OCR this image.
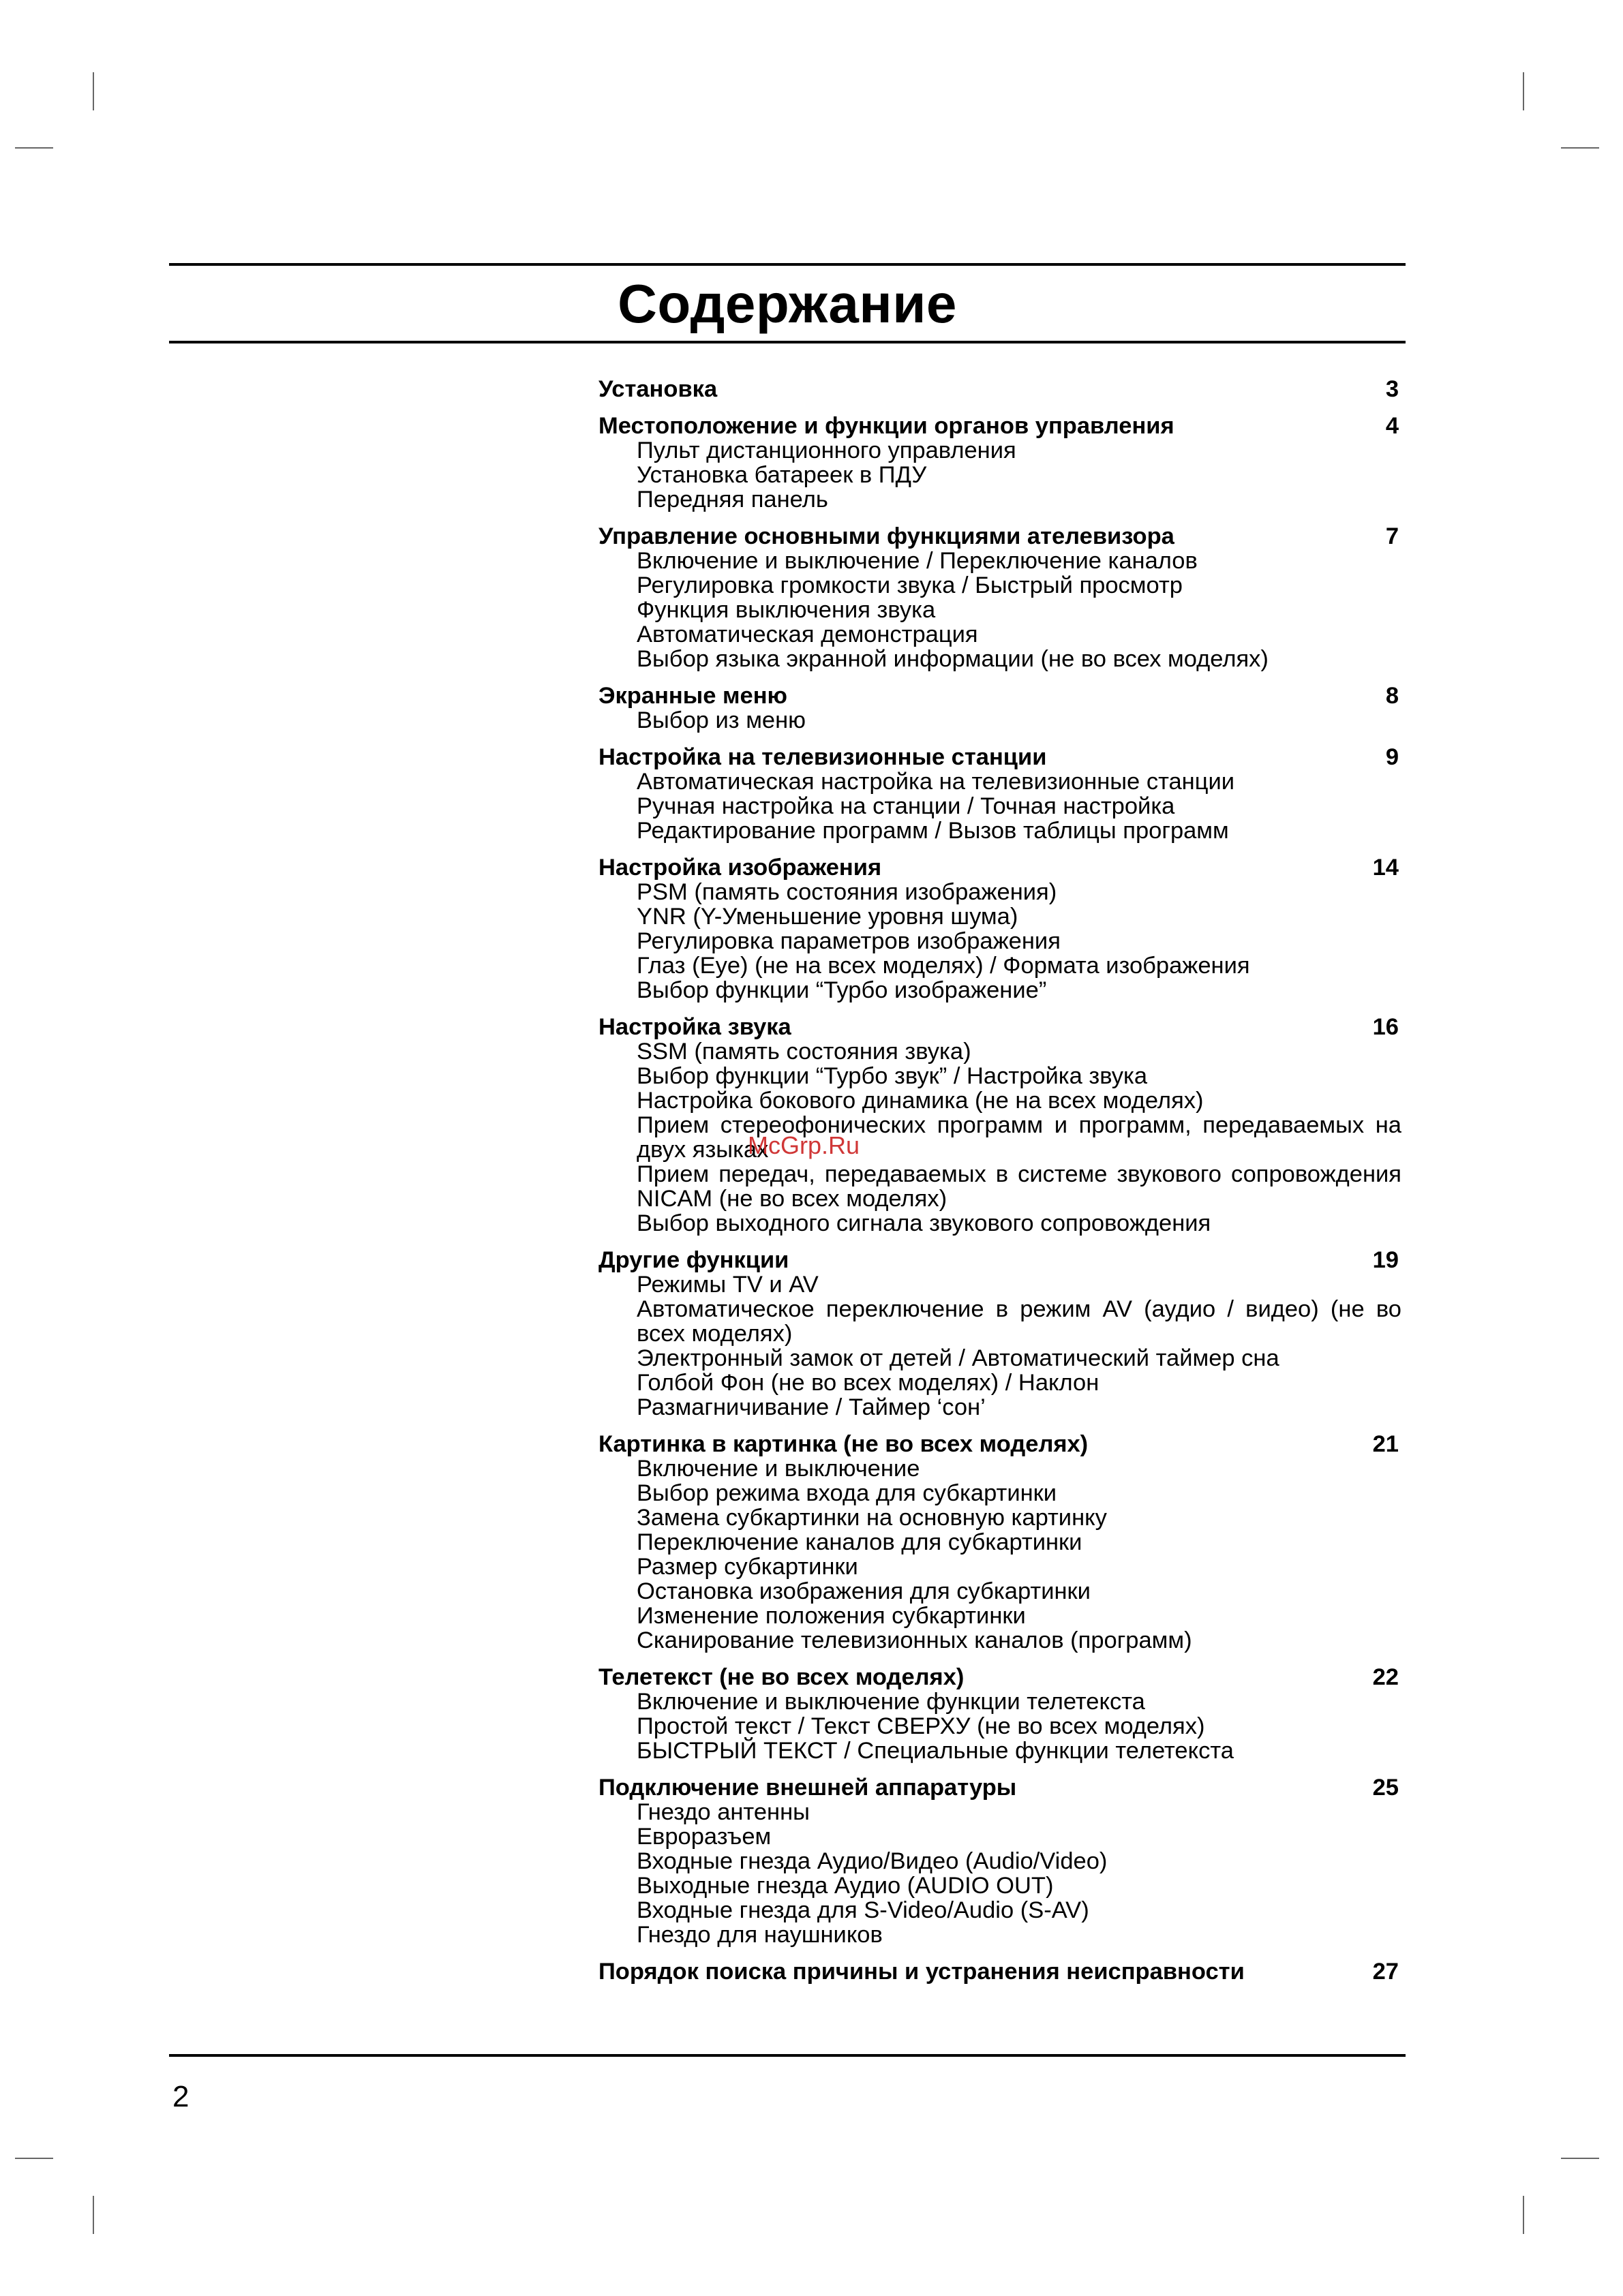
Содержание
Установка	3
Местоположение и функции органов управления	4
Пульт дистанционного управления
Установка батареек в ПДУ
Передняя панель
Управление основными функциями ателевизора	7
Включение и выключение / Переключение каналов
Регулировка громкости звука / Быстрый просмотр
Функция выключения звука
Автоматическая демонстрация
Выбор языка экранной информации (не во всех моделях)
Экранные меню	8
Выбор из меню
Настройка на телевизионные станции	9
Автоматическая настройка на телевизионные станции
Ручная настройка на станции / Точная настройка
Редактирование программ / Вызов таблицы программ
Настройка изображения	14
PSM (память состояния изображения)
YNR (Y-Уменьшение уровня шума)
Регулировка параметров изображения
Глаз (Eye) (не на всех моделях) / Формата изображения
Выбор функции “Турбо изображение”
Настройка звука	16
SSM (память состояния звука)
Выбор функции “Турбо звук” / Настройка звука
Настройка бокового динамика (не на всех моделях)
Прием стереофонических программ и программ, передаваемых на двух языках
Прием передач, передаваемых в системе звукового сопровождения NICAM (не во всех моделях)
Выбор выходного сигнала звукового сопровождения
Другие функции	19
Режимы TV и AV
Автоматическое переключение в режим AV (аудио / видео) (не во всех моделях)
Электронный замок от детей / Автоматический таймер сна
Голбой Фон (не во всех моделях) / Наклон
Размагничивание / Таймер ‘сон’
Картинка в картинка (не во всех моделях)	21
Включение и выключение
Выбор режима входа для субкартинки
Замена субкартинки на основную картинку
Переключение каналов для субкартинки
Размер субкартинки
Остановка изображения для субкартинки
Изменение положения субкартинки
Сканирование телевизионных каналов (программ)
Телетекст (не во всех моделях)	22
Включение и выключение функции телетекста
Простой текст / Текст СВЕРХУ (не во всех моделях)
БЫСТРЫЙ ТЕКСТ / Специальные функции телетекста
Подключение внешней аппаратуры	25
Гнездо антенны
Евроразъем
Входные гнезда Аудио/Видео (Audio/Video)
Выходные гнезда Аудио (AUDIO OUT)
Входные гнезда для S-Video/Audio (S-AV)
Гнездо для наушников
Порядок поиска причины и устранения неисправности	27
McGrp.Ru
2
